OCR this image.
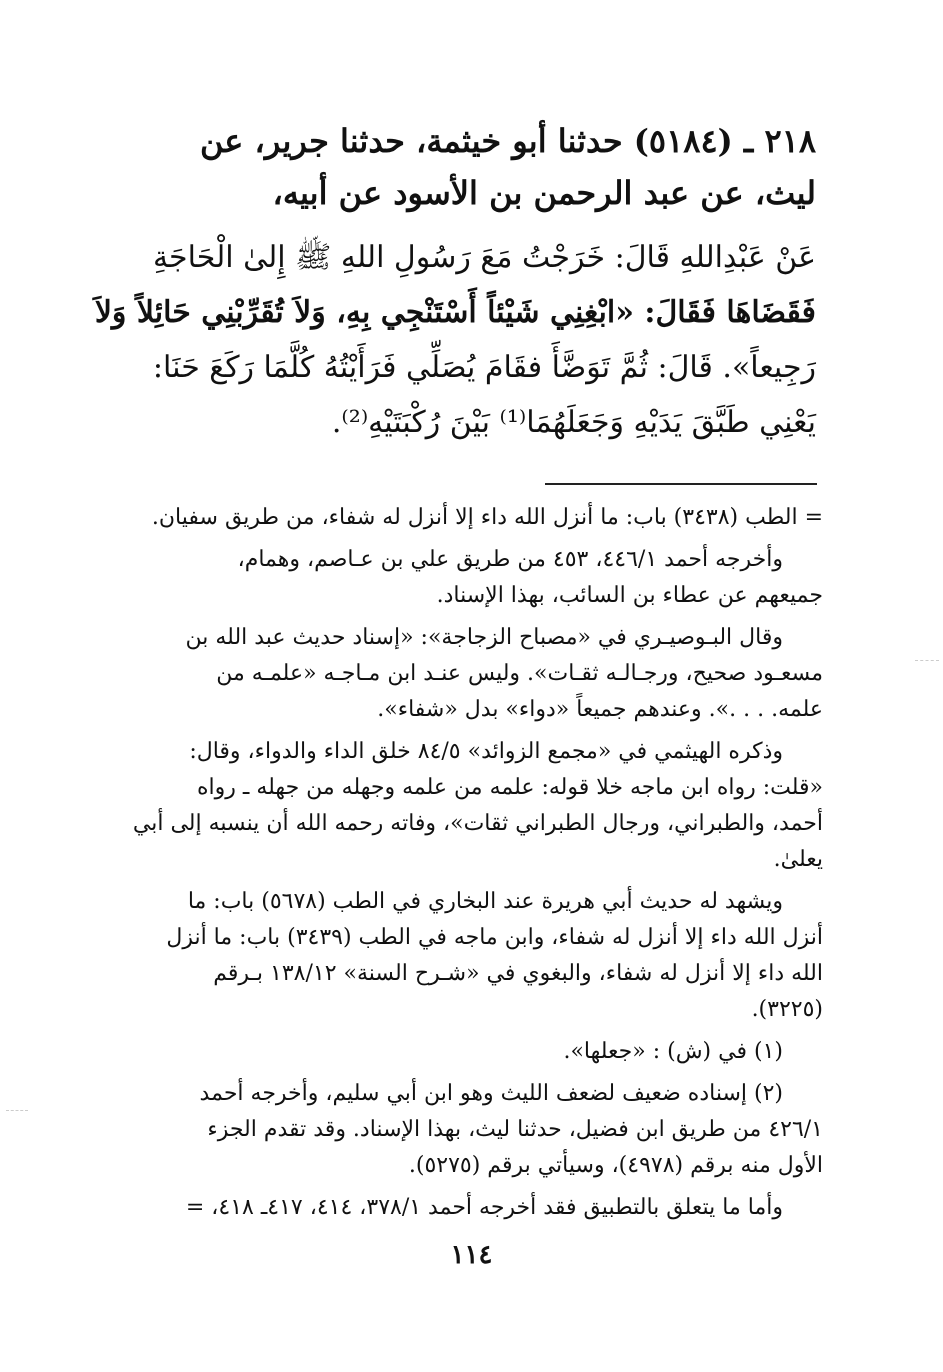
٢١٨ ـ (٥١٨٤) حدثنا أبو خيثمة، حدثنا جرير، عن
ليث، عن عبد الرحمن بن الأسود عن أبيه،
عَنْ عَبْدِاللهِ قَالَ: خَرَجْتُ مَعَ رَسُولِ اللهِ ﷺ إِلىٰ الْحَاجَةِ
فَقَضَاهَا فَقَالَ: «ابْغِنِي شَيْئاً أَسْتَنْجِي بِهِ، وَلاَ تُقَرِّبْنِي حَائِلاً وَلاَ
رَجِيعاً». قَالَ: ثُمَّ تَوَضَّأَ فقَامَ يُصَلِّي فَرَأَيْتُهُ كُلَّمَا رَكَعَ حَنَا:
يَعْنِي طَبَّقَ يَدَيْهِ وَجَعَلَهُمَا⁽¹⁾ بَيْنَ رُكْبَتَيْهِ⁽²⁾.
= الطب (٣٤٣٨) باب: ما أنزل الله داء إلا أنزل له شفاء، من طريق سفيان.
وأخرجه أحمد ٤٤٦/١، ٤٥٣ من طريق علي بن عـاصم، وهمام،
جميعهم عن عطاء بن السائب، بهذا الإسناد.
وقال البـوصيـري في «مصباح الزجاجة»: «إسناد حديث عبد الله بن
مسعـود صحيح، ورجـالـه ثقـات». وليس عنـد ابن مـاجـه «علمـه من
علمه. . . .». وعندهم جميعاً «دواء» بدل «شفاء».
وذكره الهيثمي في «مجمع الزوائد» ٨٤/٥ خلق الداء والدواء، وقال:
«قلت: رواه ابن ماجه خلا قوله: علمه من علمه وجهله من جهله ـ رواه
أحمد، والطبراني، ورجال الطبراني ثقات»، وفاته رحمه الله أن ينسبه إلى أبي
يعلىٰ.
ويشهد له حديث أبي هريرة عند البخاري في الطب (٥٦٧٨) باب: ما
أنزل الله داء إلا أنزل له شفاء، وابن ماجه في الطب (٣٤٣٩) باب: ما أنزل
الله داء إلا أنزل له شفاء، والبغوي في «شـرح السنة» ١٣٨/١٢ بـرقم
(٣٢٢٥).
(١) في (ش) : «جعلها».
(٢) إسناده ضعيف لضعف الليث وهو ابن أبي سليم، وأخرجه أحمد
٤٢٦/١ من طريق ابن فضيل، حدثنا ليث، بهذا الإسناد. وقد تقدم الجزء
الأول منه برقم (٤٩٧٨)، وسيأتي برقم (٥٢٧٥).
وأما ما يتعلق بالتطبيق فقد أخرجه أحمد ٣٧٨/١، ٤١٤، ٤١٧ـ ٤١٨، =
١١٤
